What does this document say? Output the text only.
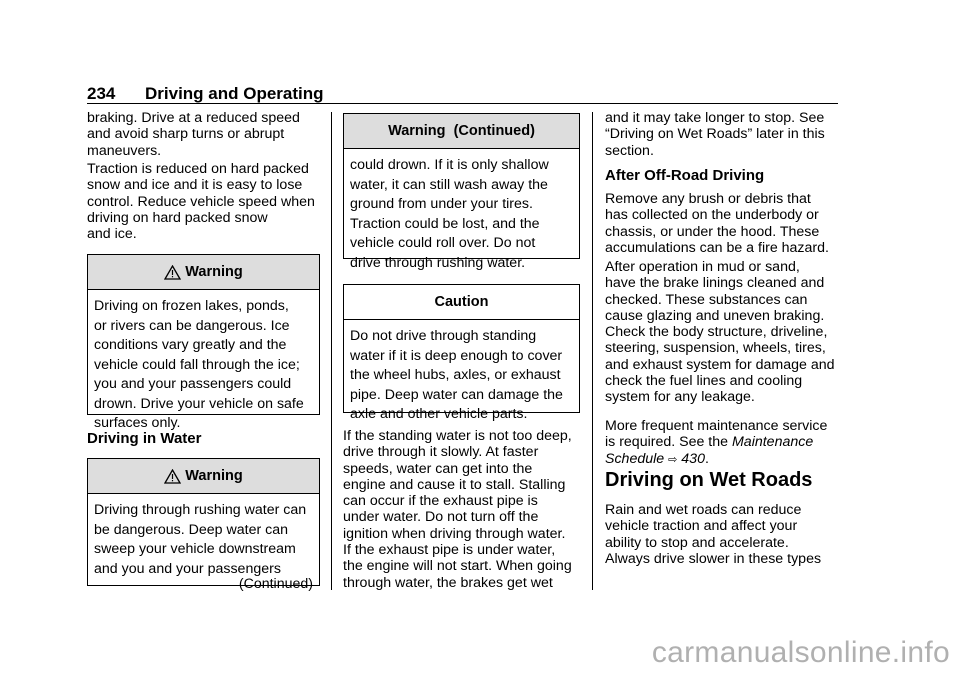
234 Driving and Operating
braking. Drive at a reduced speed
and avoid sharp turns or abrupt
maneuvers.
Traction is reduced on hard packed
snow and ice and it is easy to lose
control. Reduce vehicle speed when
driving on hard packed snow
and ice.
Warning
Driving on frozen lakes, ponds,
or rivers can be dangerous. Ice
conditions vary greatly and the
vehicle could fall through the ice;
you and your passengers could
drown. Drive your vehicle on safe
surfaces only.
Driving in Water
Warning
Driving through rushing water can
be dangerous. Deep water can
sweep your vehicle downstream
and you and your passengers
(Continued)
Warning  (Continued)
could drown. If it is only shallow
water, it can still wash away the
ground from under your tires.
Traction could be lost, and the
vehicle could roll over. Do not
drive through rushing water.
Caution
Do not drive through standing
water if it is deep enough to cover
the wheel hubs, axles, or exhaust
pipe. Deep water can damage the
axle and other vehicle parts.
If the standing water is not too deep,
drive through it slowly. At faster
speeds, water can get into the
engine and cause it to stall. Stalling
can occur if the exhaust pipe is
under water. Do not turn off the
ignition when driving through water.
If the exhaust pipe is under water,
the engine will not start. When going
through water, the brakes get wet
and it may take longer to stop. See
“Driving on Wet Roads” later in this
section.
After Off-Road Driving
Remove any brush or debris that
has collected on the underbody or
chassis, or under the hood. These
accumulations can be a fire hazard.
After operation in mud or sand,
have the brake linings cleaned and
checked. These substances can
cause glazing and uneven braking.
Check the body structure, driveline,
steering, suspension, wheels, tires,
and exhaust system for damage and
check the fuel lines and cooling
system for any leakage.
More frequent maintenance service
is required. See the Maintenance
Schedule ⇨ 430.
Driving on Wet Roads
Rain and wet roads can reduce
vehicle traction and affect your
ability to stop and accelerate.
Always drive slower in these types
carmanualsonline.info
